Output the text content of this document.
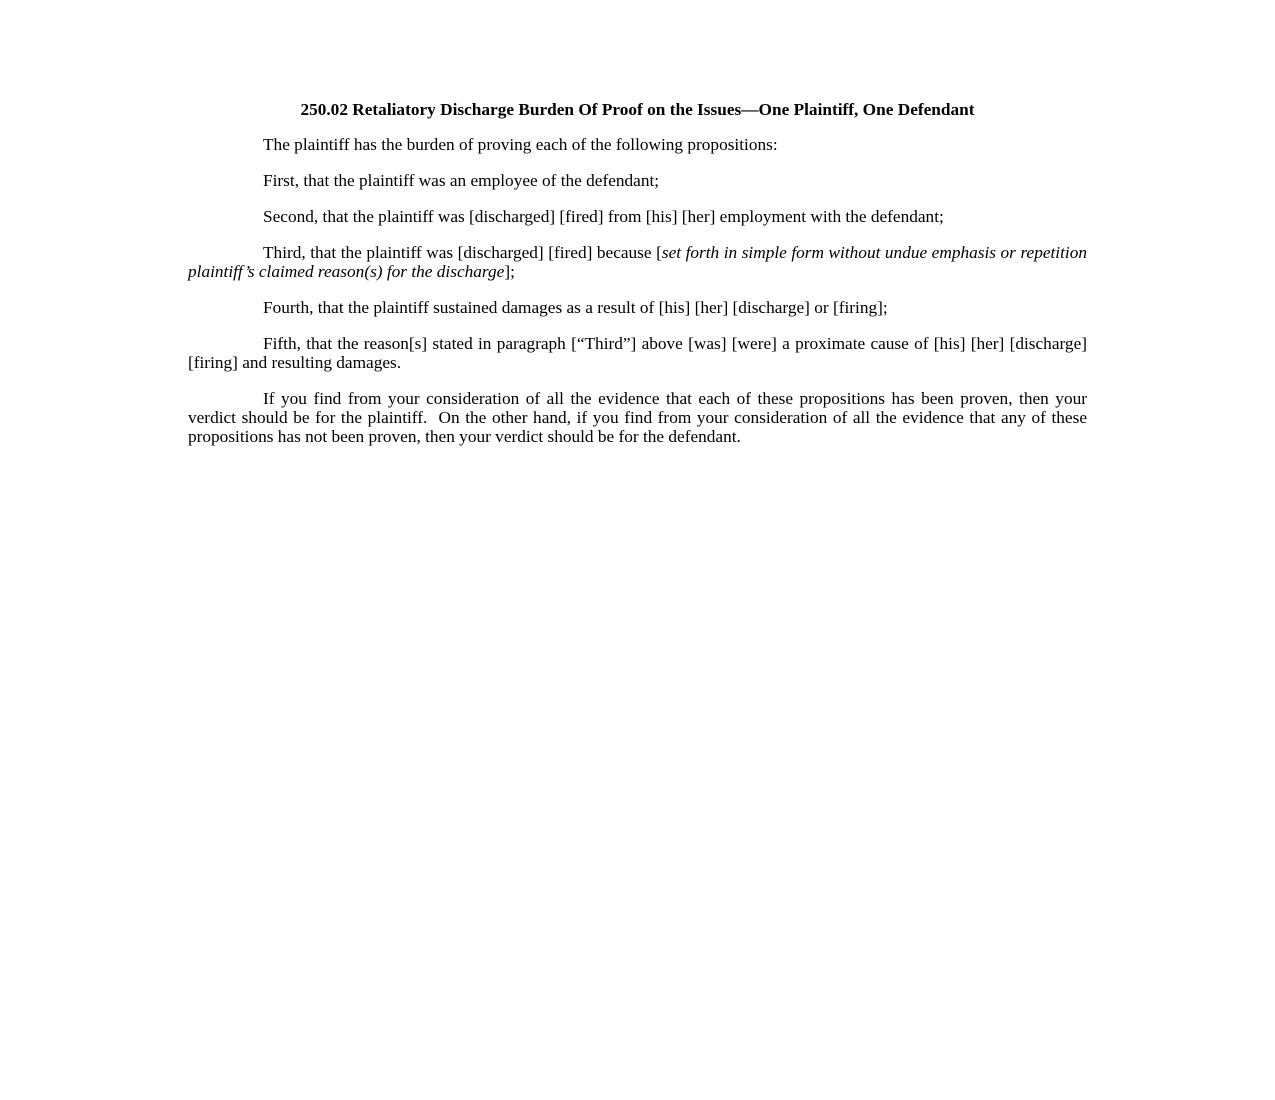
250.02 Retaliatory Discharge Burden Of Proof on the Issues—One Plaintiff, One Defendant

The plaintiff has the burden of proving each of the following propositions:

First, that the plaintiff was an employee of the defendant;

Second, that the plaintiff was [discharged] [fired] from [his] [her] employment with the defendant;

Third, that the plaintiff was [discharged] [fired] because [set forth in simple form without undue emphasis or repetition plaintiff’s claimed reason(s) for the discharge];

Fourth, that the plaintiff sustained damages as a result of [his] [her] [discharge] or [firing];

Fifth, that the reason[s] stated in paragraph [“Third”] above [was] [were] a proximate cause of [his] [her] [discharge] [firing] and resulting damages.

If you find from your consideration of all the evidence that each of these propositions has been proven, then your verdict should be for the plaintiff.  On the other hand, if you find from your consideration of all the evidence that any of these propositions has not been proven, then your verdict should be for the defendant.
